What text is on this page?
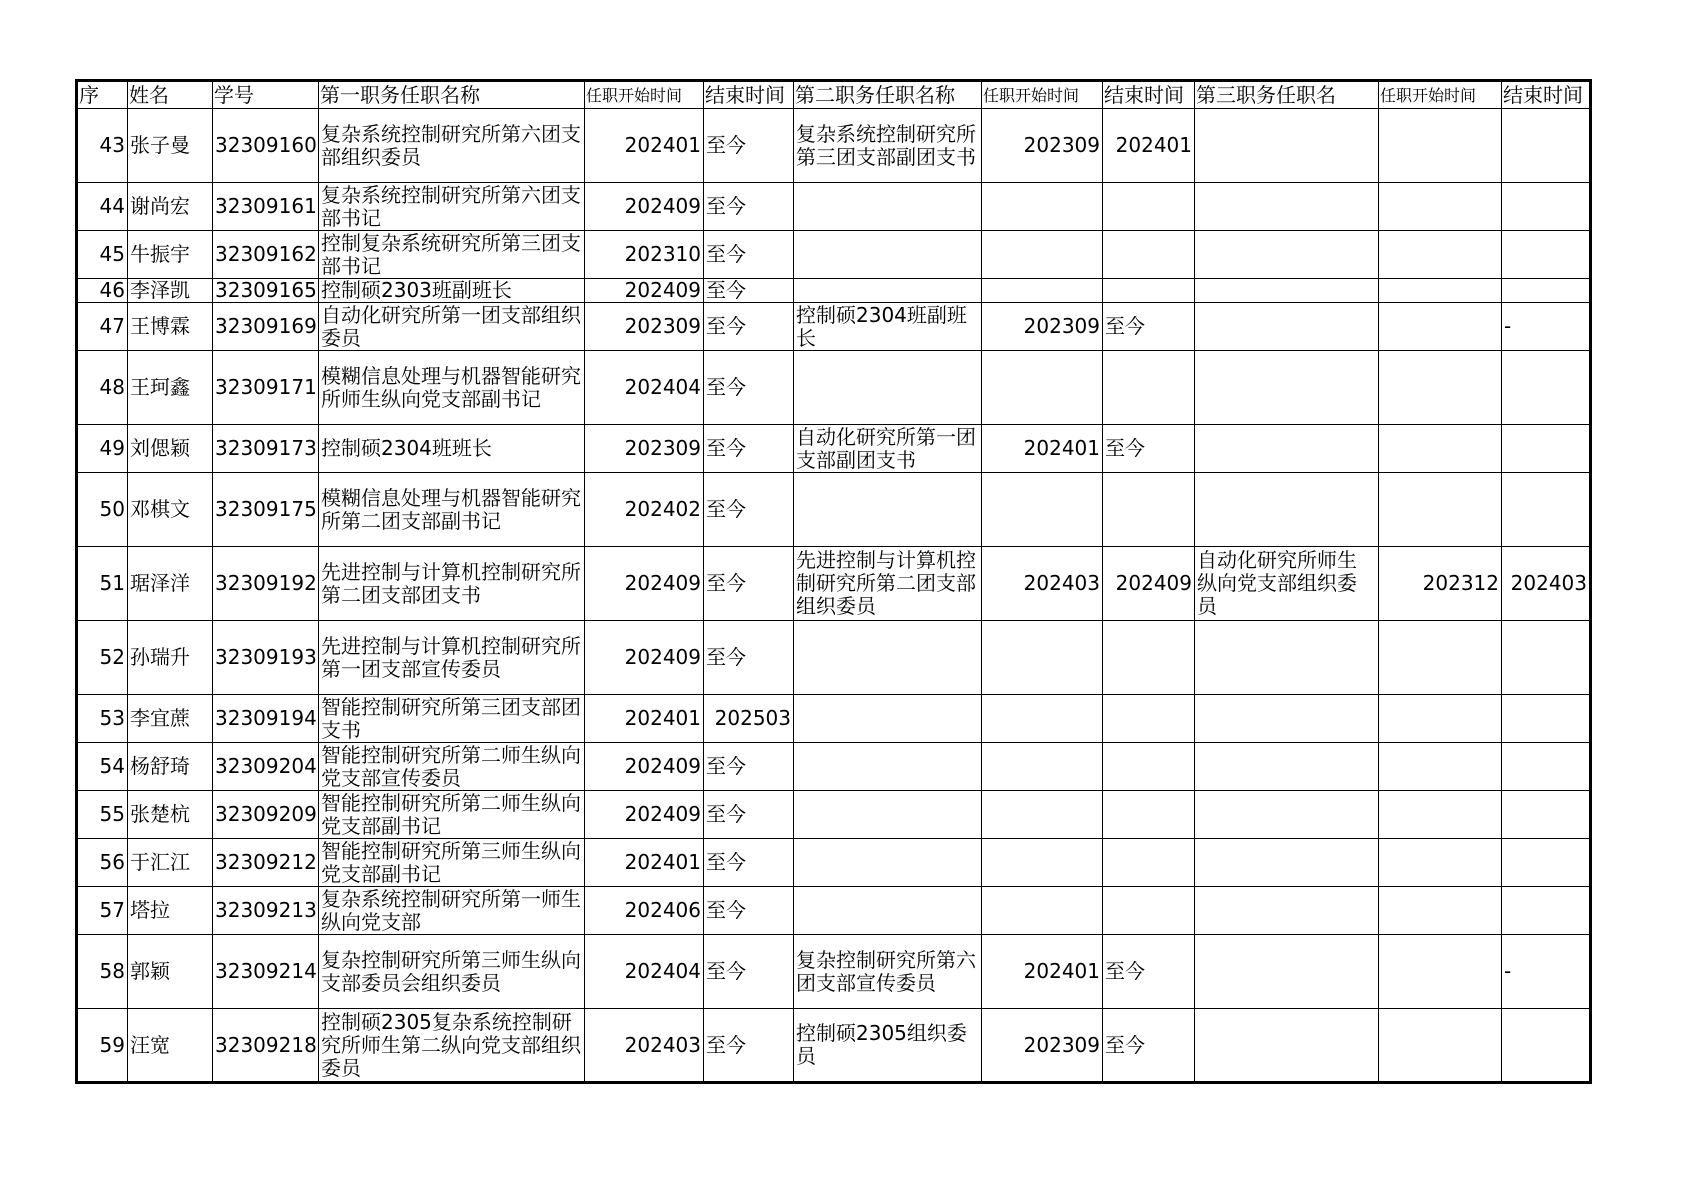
序	姓名	学号	第一职务任职名称	任职开始时间	结束时间	第二职务任职名称	任职开始时间	结束时间	第三职务任职名	任职开始时间	结束时间
43	张子曼	32309160	复杂系统控制研究所第六团支部组织委员	202401	至今	复杂系统控制研究所第三团支部副团支书	202309	202401			
44	谢尚宏	32309161	复杂系统控制研究所第六团支部书记	202409	至今						
45	牛振宇	32309162	控制复杂系统研究所第三团支部书记	202310	至今						
46	李泽凯	32309165	控制硕2303班副班长	202409	至今						
47	王博霖	32309169	自动化研究所第一团支部组织委员	202309	至今	控制硕2304班副班长	202309	至今			-
48	王珂鑫	32309171	模糊信息处理与机器智能研究所师生纵向党支部副书记	202404	至今						
49	刘偲颖	32309173	控制硕2304班班长	202309	至今	自动化研究所第一团支部副团支书	202401	至今			
50	邓棋文	32309175	模糊信息处理与机器智能研究所第二团支部副书记	202402	至今						
51	琚泽洋	32309192	先进控制与计算机控制研究所第二团支部团支书	202409	至今	先进控制与计算机控制研究所第二团支部组织委员	202403	202409	自动化研究所师生纵向党支部组织委员	202312	202403
52	孙瑞升	32309193	先进控制与计算机控制研究所第一团支部宣传委员	202409	至今						
53	李宜蔗	32309194	智能控制研究所第三团支部团支书	202401	202503						
54	杨舒琦	32309204	智能控制研究所第二师生纵向党支部宣传委员	202409	至今						
55	张楚杭	32309209	智能控制研究所第二师生纵向党支部副书记	202409	至今						
56	于汇江	32309212	智能控制研究所第三师生纵向党支部副书记	202401	至今						
57	塔拉	32309213	复杂系统控制研究所第一师生纵向党支部	202406	至今						
58	郭颖	32309214	复杂控制研究所第三师生纵向支部委员会组织委员	202404	至今	复杂控制研究所第六团支部宣传委员	202401	至今			-
59	汪宽	32309218	控制硕2305复杂系统控制研究所师生第二纵向党支部组织委员	202403	至今	控制硕2305组织委员	202309	至今			
